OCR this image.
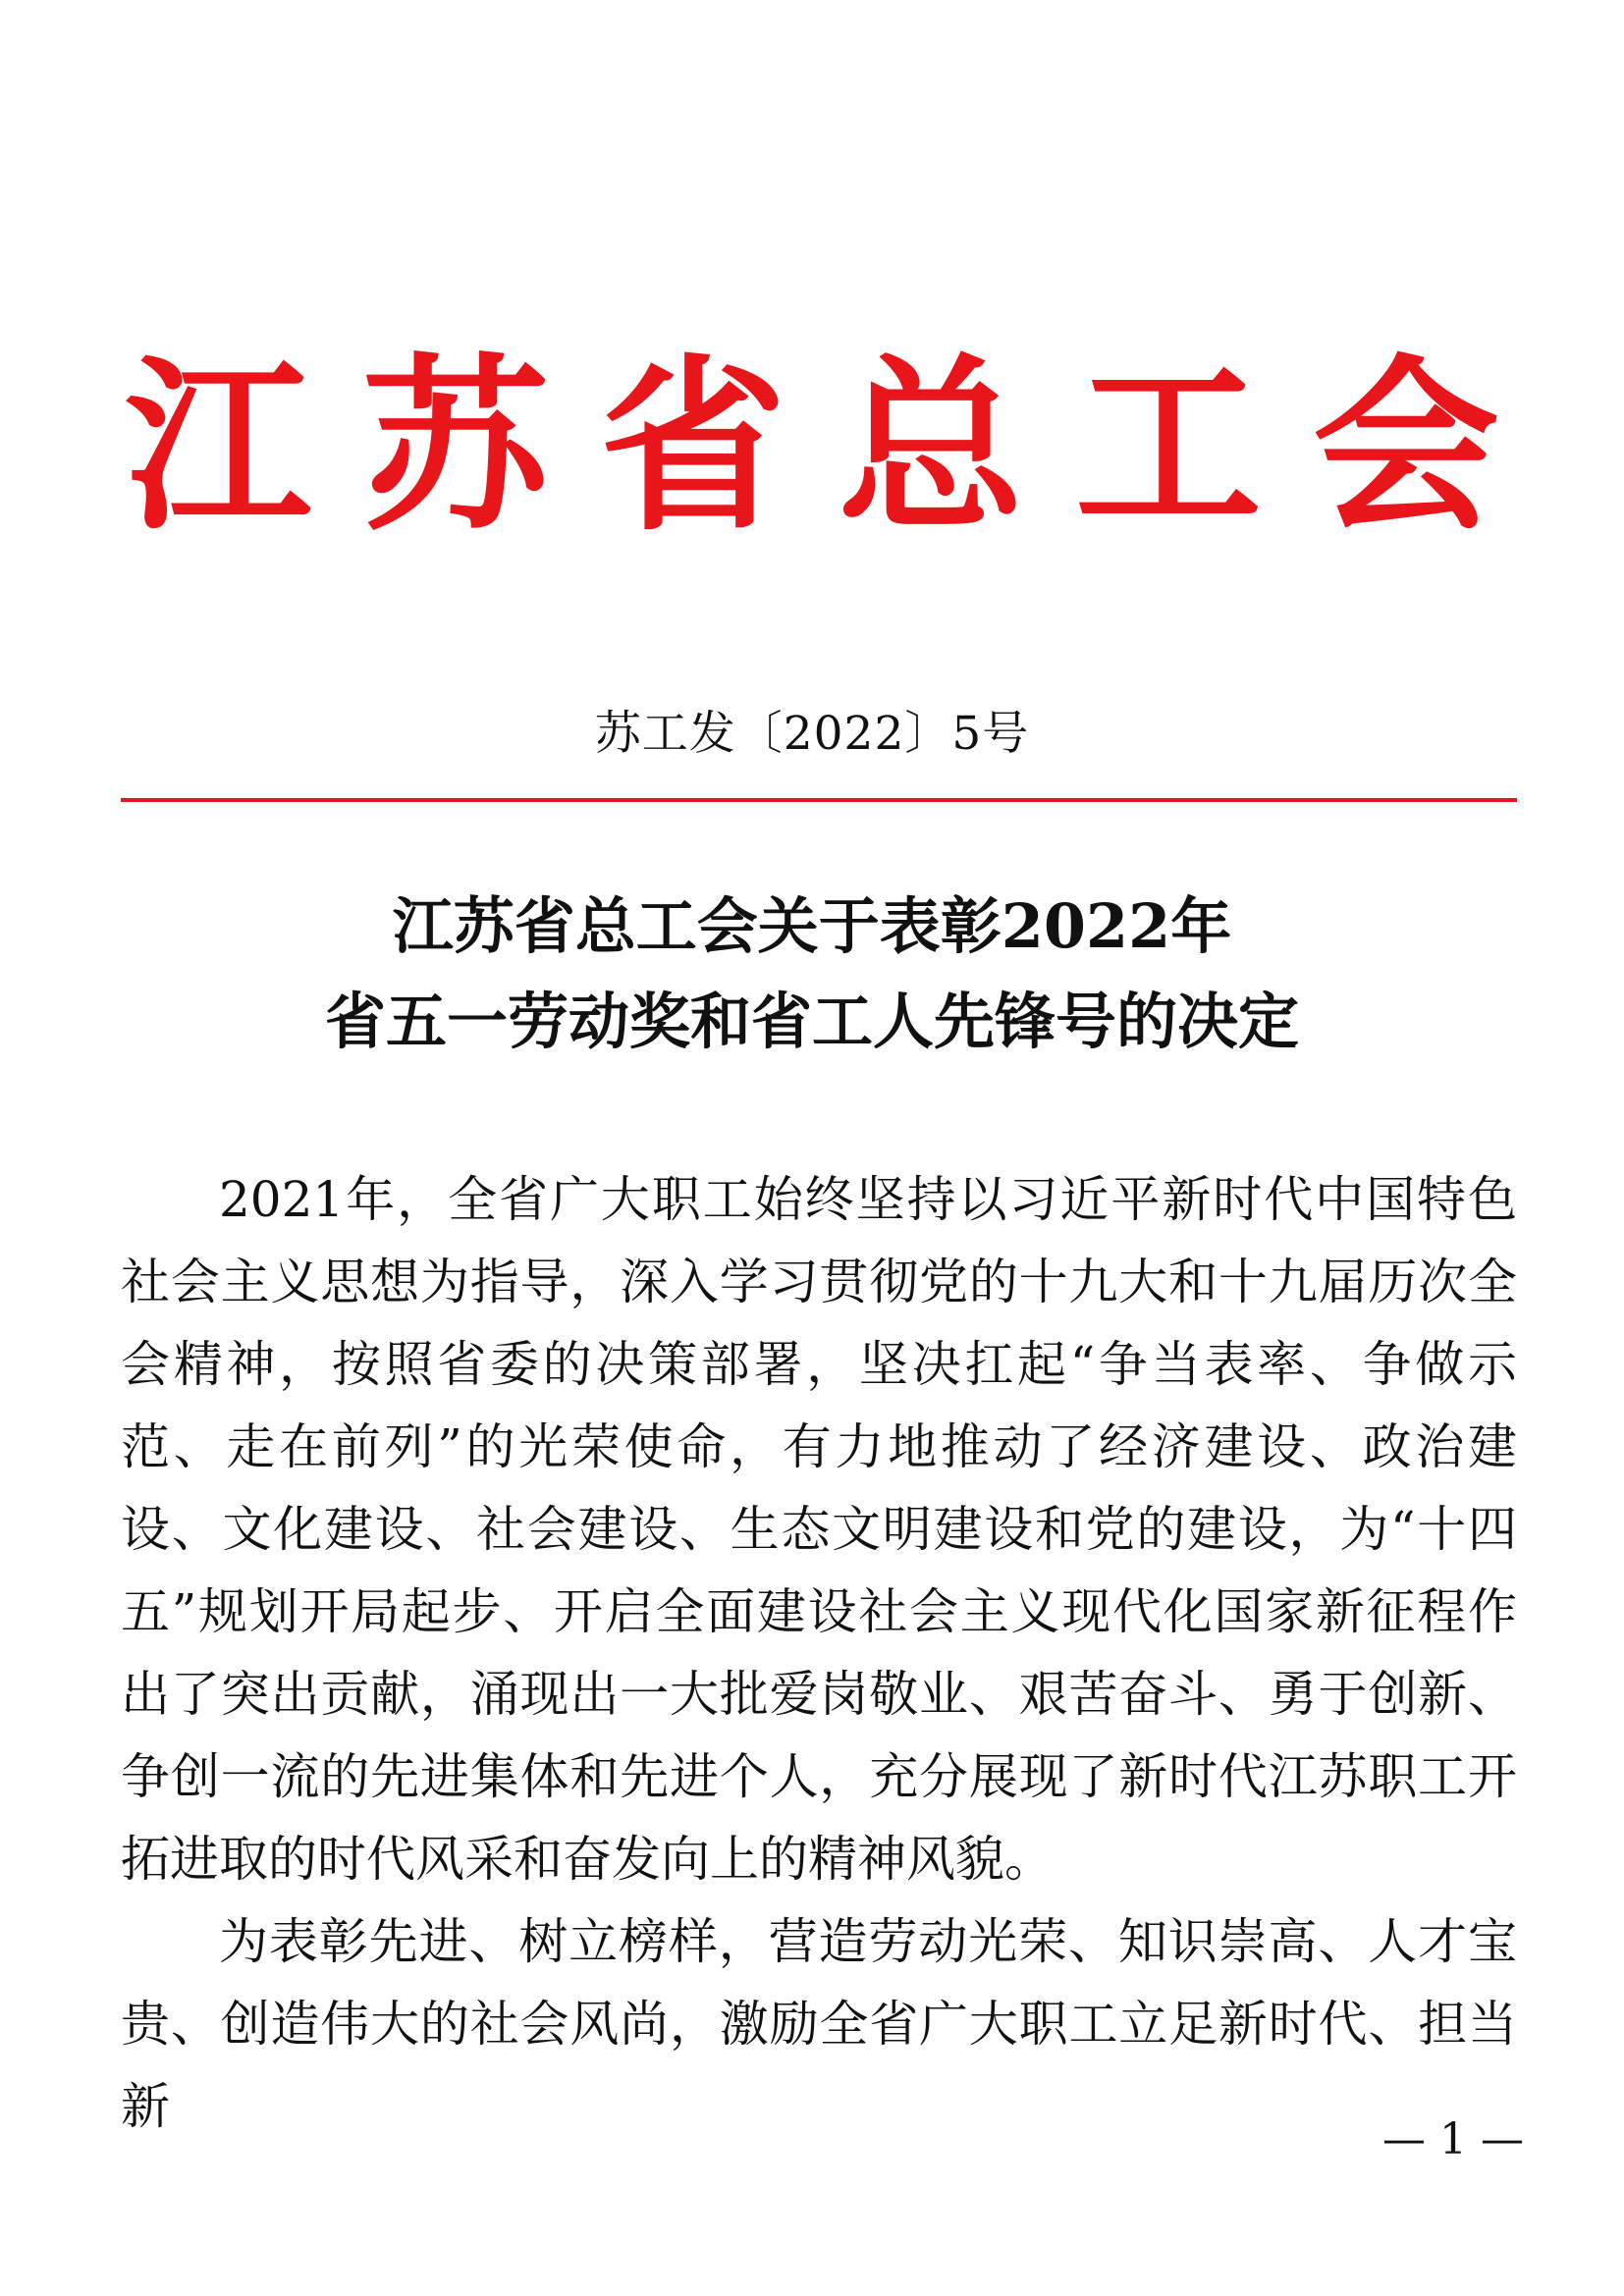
江苏省总工会
苏工发〔2022〕5号
江苏省总工会关于表彰2022年
省五一劳动奖和省工人先锋号的决定

2021年，全省广大职工始终坚持以习近平新时代中国特色社会主义思想为指导，深入学习贯彻党的十九大和十九届历次全会精神，按照省委的决策部署，坚决扛起“争当表率、争做示范、走在前列”的光荣使命，有力地推动了经济建设、政治建设、文化建设、社会建设、生态文明建设和党的建设，为“十四五”规划开局起步、开启全面建设社会主义现代化国家新征程作出了突出贡献，涌现出一大批爱岗敬业、艰苦奋斗、勇于创新、争创一流的先进集体和先进个人，充分展现了新时代江苏职工开拓进取的时代风采和奋发向上的精神风貌。

为表彰先进、树立榜样，营造劳动光荣、知识崇高、人才宝贵、创造伟大的社会风尚，激励全省广大职工立足新时代、担当新

— 1 —
